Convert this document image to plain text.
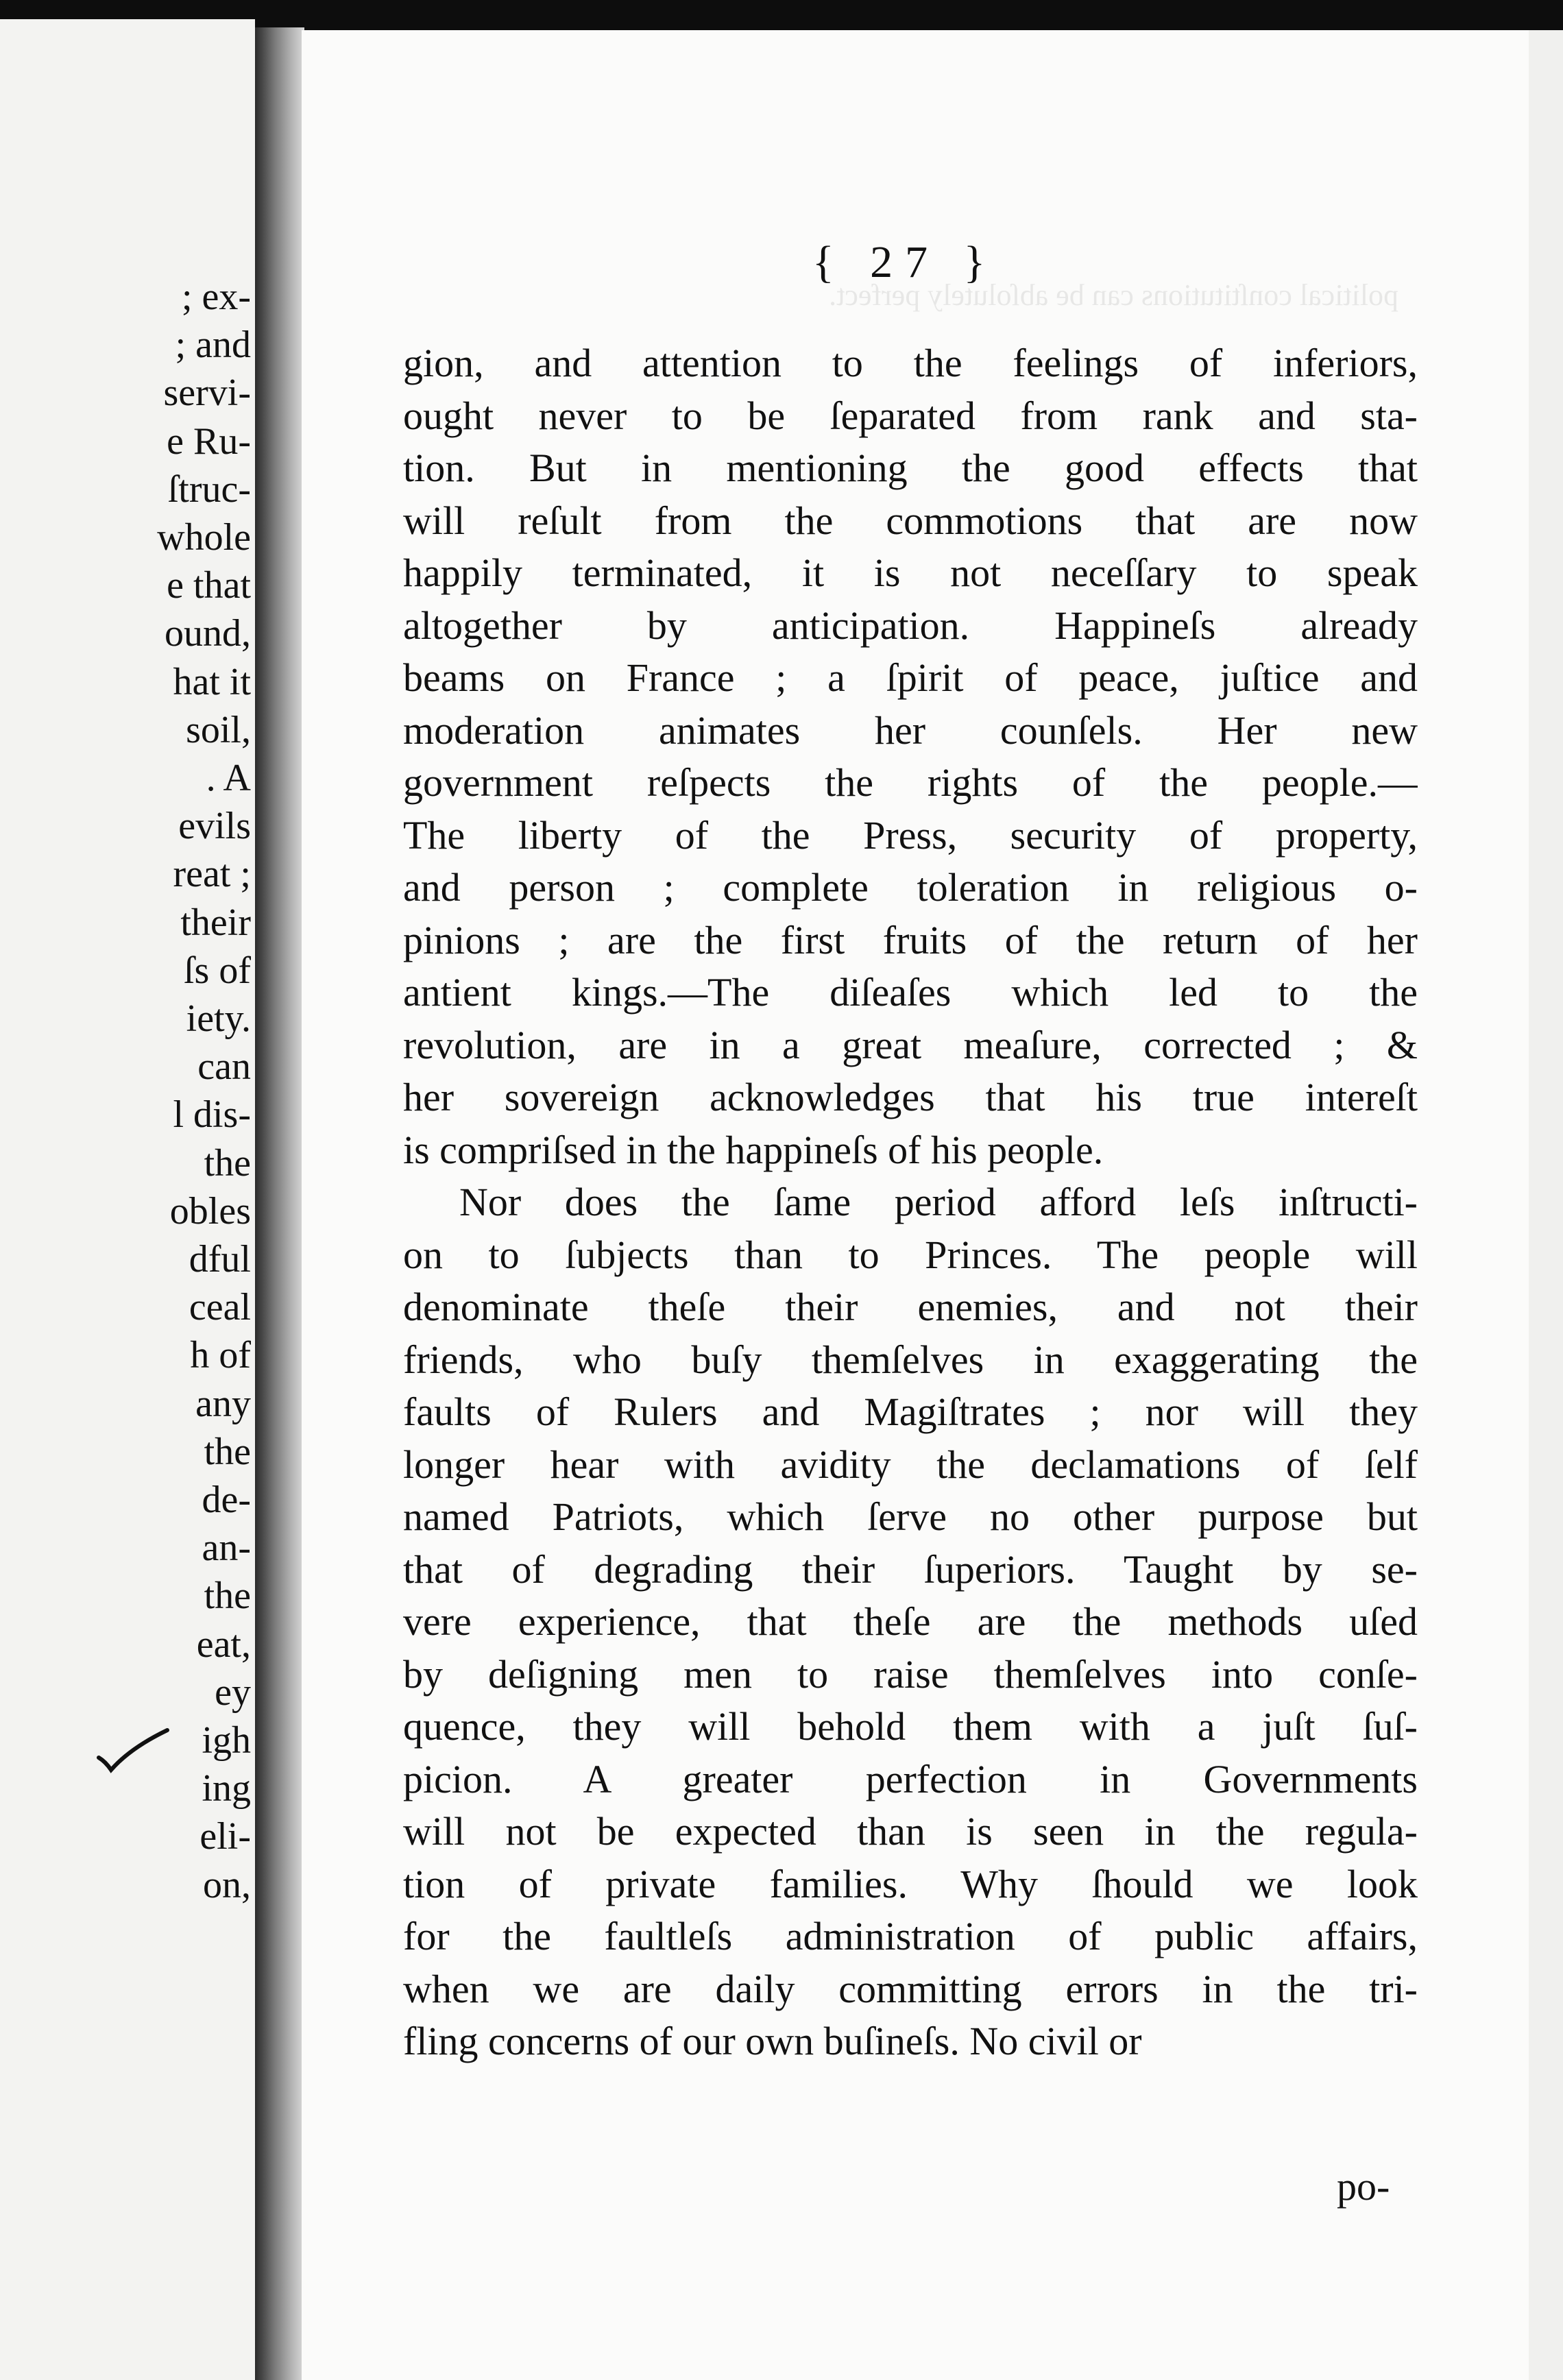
; ex-
; and
servi-
e Ru-
ſtruc-
whole
e that
ound,
hat it
soil,
. A
evils
reat ;
their
ſs of
iety.
can
l dis-
the
obles
dful
ceal
h of
any
the
de-
an-
the
eat,
ey
igh
ing
eli-
on,
political conſtitutions can be abſolutely perfect.
{ 27 }
gion, and attention to the feelings of inferiors,
ought never to be ſeparated from rank and sta-
tion. But in mentioning the good effects that
will reſult from the commotions that are now
happily terminated, it is not neceſſary to speak
altogether by anticipation. Happineſs already
beams on France ; a ſpirit of peace, juſtice and
moderation animates her counſels. Her new
government reſpects the rights of the people.—
The liberty of the Press, security of property,
and person ; complete toleration in religious o-
pinions ; are the first fruits of the return of her
antient kings.—The diſeaſes which led to the
revolution, are in a great meaſure, corrected ; &
her sovereign acknowledges that his true intereſt
is compriſsed in the happineſs of his people.
Nor does the ſame period afford leſs inſtructi-
on to ſubjects than to Princes. The people will
denominate theſe their enemies, and not their
friends, who buſy themſelves in exaggerating the
faults of Rulers and Magiſtrates ; nor will they
longer hear with avidity the declamations of ſelf
named Patriots, which ſerve no other purpose but
that of degrading their ſuperiors. Taught by se-
vere experience, that theſe are the methods uſed
by deſigning men to raise themſelves into conſe-
quence, they will behold them with a juſt ſuſ-
picion. A greater perfection in Governments
will not be expected than is seen in the regula-
tion of private families. Why ſhould we look
for the faultleſs administration of public affairs,
when we are daily committing errors in the tri-
fling concerns of our own buſineſs. No civil or
po-
